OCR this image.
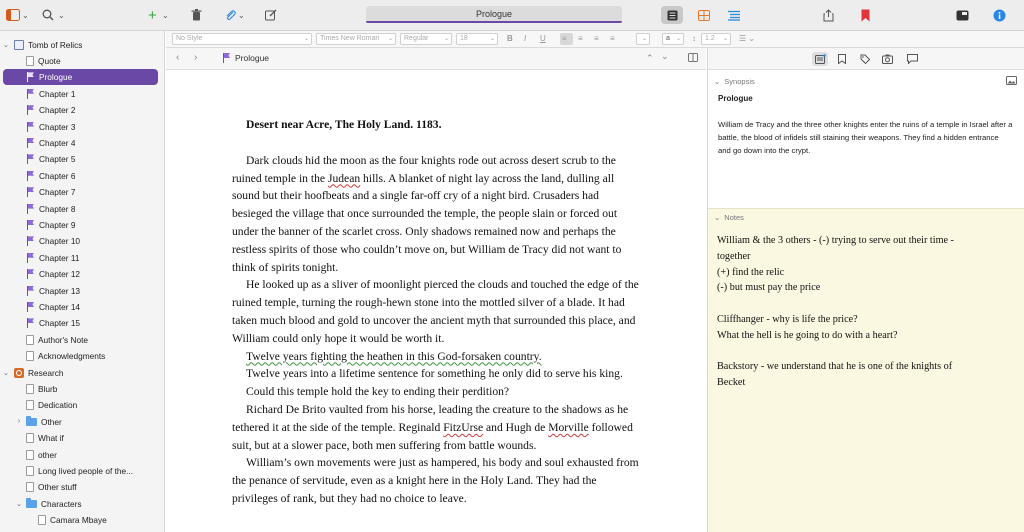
⌄	⌄	+ ⌄	⌄	Prologue
⌄ Tomb of Relics
Quote
Prologue
Chapter 1
Chapter 2
Chapter 3
Chapter 4
Chapter 5
Chapter 6
Chapter 7
Chapter 8
Chapter 9
Chapter 10
Chapter 11
Chapter 12
Chapter 13
Chapter 14
Chapter 15
Author's Note
Acknowledgments
⌄ Research
Blurb
Dedication
›	Other
What if
other
Long lived people of the...
Other stuff
⌄ Characters
Camara Mbaye
No Style	⌄	Times New Roman ⌄	Regular	⌄	18	⌄ B I U ≡ ≡ ≡ ≡	⌄	a ⌄ ↕	1.2 ⌄ ☰ ⌄
‹ ›	Prologue	⌃ ⌄
Desert near Acre, The Holy Land. 1183.
Dark clouds hid the moon as the four knights rode out across desert scrub to the ruined temple in the Judean hills. A blanket of night lay across the land, dulling all sound but their hoofbeats and a single far-off cry of a night bird. Crusaders had besieged the village that once surrounded the temple, the people slain or forced out under the banner of the scarlet cross. Only shadows remained now and perhaps the restless spirits of those who couldn’t move on, but William de Tracy did not want to think of spirits tonight.
He looked up as a sliver of moonlight pierced the clouds and touched the edge of the ruined temple, turning the rough-hewn stone into the mottled silver of a blade. It had taken much blood and gold to uncover the ancient myth that surrounded this place, and William could only hope it would be worth it.
Twelve years fighting the heathen in this God-forsaken country.
Twelve years into a lifetime sentence for something he only did to serve his king.
Could this temple hold the key to ending their perdition?
Richard De Brito vaulted from his horse, leading the creature to the shadows as he tethered it at the side of the temple. Reginald FitzUrse and Hugh de Morville followed suit, but at a slower pace, both men suffering from battle wounds.
William’s own movements were just as hampered, his body and soul exhausted from the penance of servitude, even as a knight here in the Holy Land. They had the privileges of rank, but they had no choice to leave.
⌄ Synopsis
Prologue
William de Tracy and the three other knights enter the ruins of a temple in Israel after a battle, the blood of infidels still staining their weapons. They find a hidden entrance and go down into the crypt.
⌄ Notes
William & the 3 others - (-) trying to serve out their time -
together
(+) find the relic
(-) but must pay the price
Cliffhanger - why is life the price?
What the hell is he going to do with a heart?
Backstory - we understand that he is one of the knights of
Becket
